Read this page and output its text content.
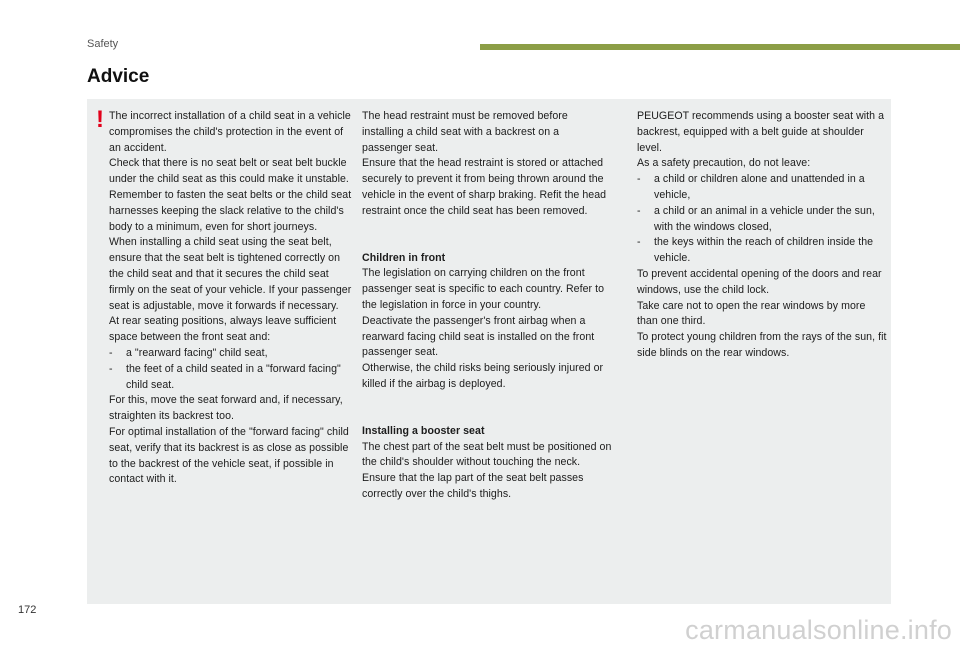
Safety
Advice
! The incorrect installation of a child seat in a vehicle compromises the child's protection in the event of an accident.

Check that there is no seat belt or seat belt buckle under the child seat as this could make it unstable.

Remember to fasten the seat belts or the child seat harnesses keeping the slack relative to the child's body to a minimum, even for short journeys.

When installing a child seat using the seat belt, ensure that the seat belt is tightened correctly on the child seat and that it secures the child seat firmly on the seat of your vehicle. If your passenger seat is adjustable, move it forwards if necessary.

At rear seating positions, always leave sufficient space between the front seat and:

- a "rearward facing" child seat,
- the feet of a child seated in a "forward facing" child seat.

For this, move the seat forward and, if necessary, straighten its backrest too.

For optimal installation of the "forward facing" child seat, verify that its backrest is as close as possible to the backrest of the vehicle seat, if possible in contact with it.

The head restraint must be removed before installing a child seat with a backrest on a passenger seat.

Ensure that the head restraint is stored or attached securely to prevent it from being thrown around the vehicle in the event of sharp braking. Refit the head restraint once the child seat has been removed.

Children in front

The legislation on carrying children on the front passenger seat is specific to each country. Refer to the legislation in force in your country.

Deactivate the passenger's front airbag when a rearward facing child seat is installed on the front passenger seat.

Otherwise, the child risks being seriously injured or killed if the airbag is deployed.

Installing a booster seat

The chest part of the seat belt must be positioned on the child's shoulder without touching the neck.

Ensure that the lap part of the seat belt passes correctly over the child's thighs.

PEUGEOT recommends using a booster seat with a backrest, equipped with a belt guide at shoulder level.

As a safety precaution, do not leave:

- a child or children alone and unattended in a vehicle,
- a child or an animal in a vehicle under the sun, with the windows closed,
- the keys within the reach of children inside the vehicle.

To prevent accidental opening of the doors and rear windows, use the child lock.

Take care not to open the rear windows by more than one third.

To protect young children from the rays of the sun, fit side blinds on the rear windows.

172
carmanualsonline.info
